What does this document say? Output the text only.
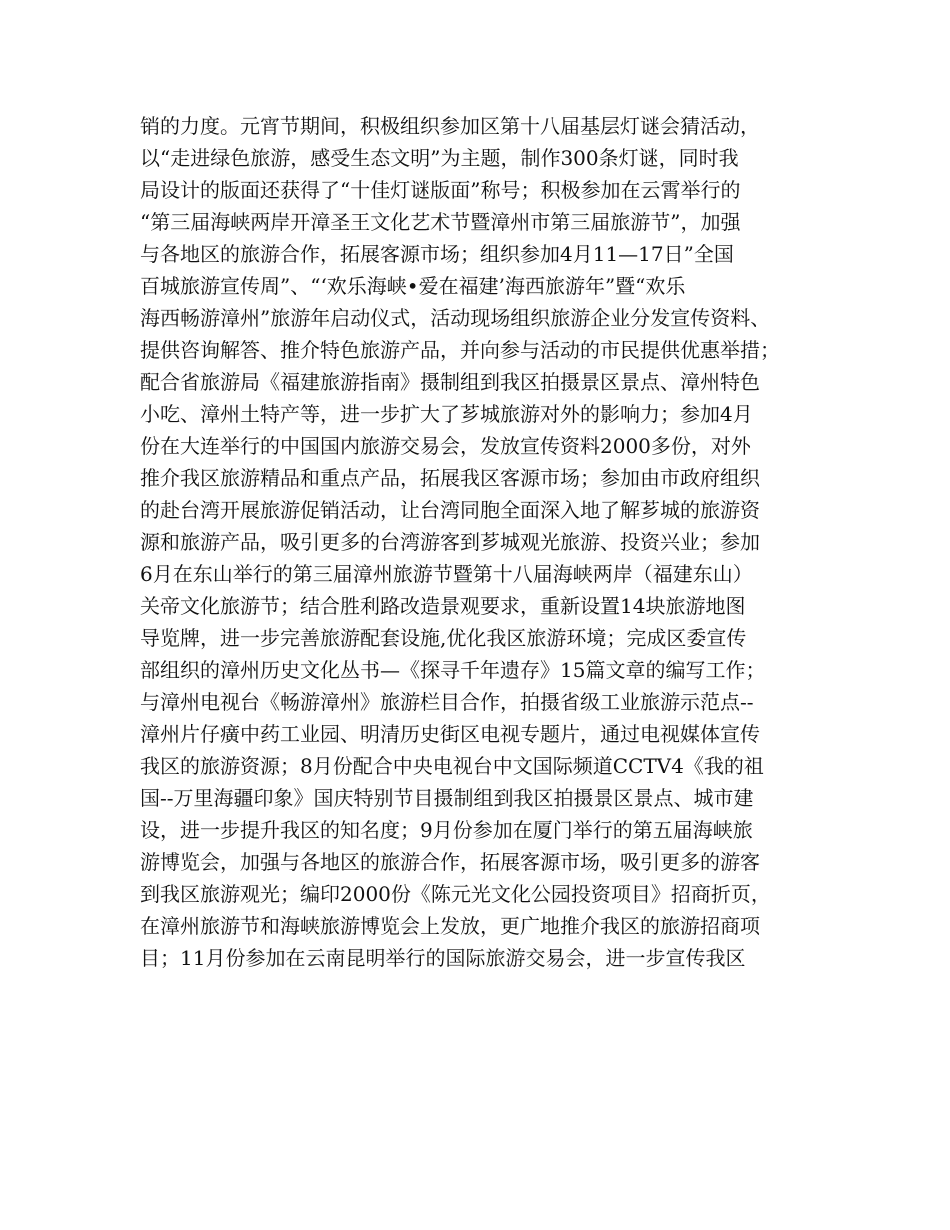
销的力度。元宵节期间，积极组织参加区第十八届基层灯谜会猜活动，
以“走进绿色旅游，感受生态文明”为主题，制作300条灯谜，同时我
局设计的版面还获得了“十佳灯谜版面”称号；积极参加在云霄举行的
“第三届海峡两岸开漳圣王文化艺术节暨漳州市第三届旅游节”，加强
与各地区的旅游合作，拓展客源市场；组织参加4月11—17日”全国
百城旅游宣传周”、“‘欢乐海峡•爱在福建’海西旅游年”暨“欢乐
海西畅游漳州”旅游年启动仪式，活动现场组织旅游企业分发宣传资料、
提供咨询解答、推介特色旅游产品，并向参与活动的市民提供优惠举措；
配合省旅游局《福建旅游指南》摄制组到我区拍摄景区景点、漳州特色
小吃、漳州土特产等，进一步扩大了芗城旅游对外的影响力；参加4月
份在大连举行的中国国内旅游交易会，发放宣传资料2000多份，对外
推介我区旅游精品和重点产品，拓展我区客源市场；参加由市政府组织
的赴台湾开展旅游促销活动，让台湾同胞全面深入地了解芗城的旅游资
源和旅游产品，吸引更多的台湾游客到芗城观光旅游、投资兴业；参加
6月在东山举行的第三届漳州旅游节暨第十八届海峡两岸（福建东山）
关帝文化旅游节；结合胜利路改造景观要求，重新设置14块旅游地图
导览牌，进一步完善旅游配套设施,优化我区旅游环境；完成区委宣传
部组织的漳州历史文化丛书—《探寻千年遗存》15篇文章的编写工作；
与漳州电视台《畅游漳州》旅游栏目合作，拍摄省级工业旅游示范点--
漳州片仔癀中药工业园、明清历史街区电视专题片，通过电视媒体宣传
我区的旅游资源；8月份配合中央电视台中文国际频道CCTV4《我的祖
国--万里海疆印象》国庆特别节目摄制组到我区拍摄景区景点、城市建
设，进一步提升我区的知名度；9月份参加在厦门举行的第五届海峡旅
游博览会，加强与各地区的旅游合作，拓展客源市场，吸引更多的游客
到我区旅游观光；编印2000份《陈元光文化公园投资项目》招商折页，
在漳州旅游节和海峡旅游博览会上发放，更广地推介我区的旅游招商项
目；11月份参加在云南昆明举行的国际旅游交易会，进一步宣传我区
